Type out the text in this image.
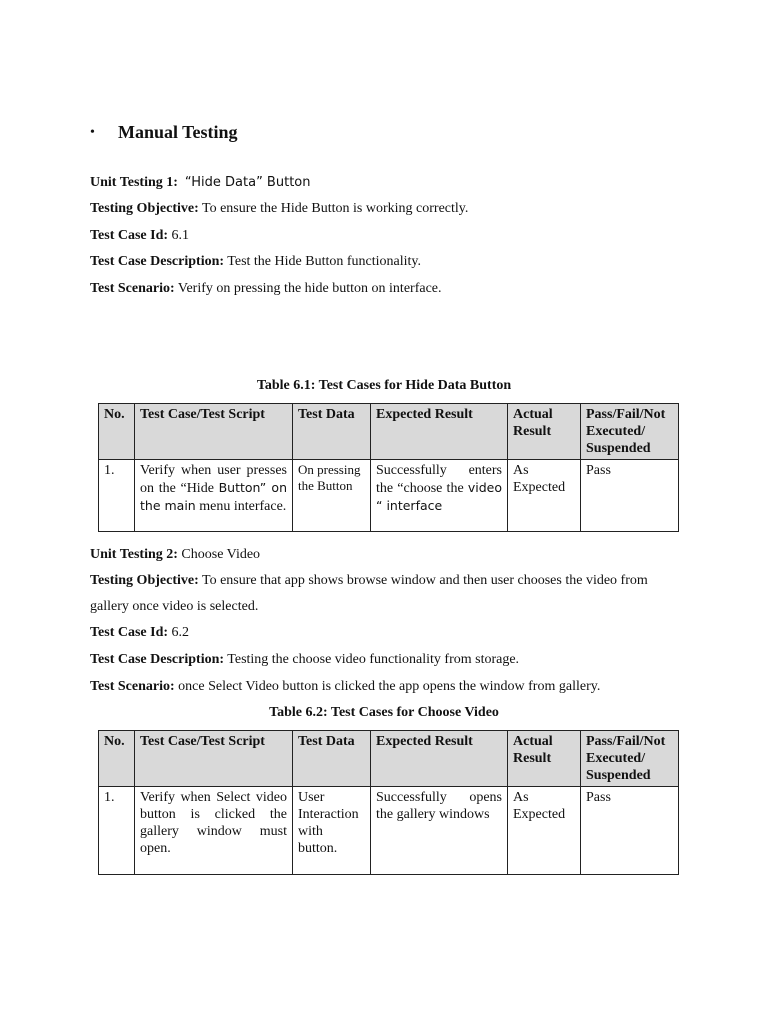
•	Manual Testing
Unit Testing 1: “Hide Data” Button
Testing Objective: To ensure the Hide Button is working correctly.
Test Case Id: 6.1
Test Case Description: Test the Hide Button functionality.
Test Scenario: Verify on pressing the hide button on interface.
Table 6.1: Test Cases for Hide Data Button
No.	Test Case/Test Script	Test Data	Expected Result	Actual Result	Pass/Fail/Not Executed/ Suspended
1.	Verify when user presses on the “Hide Button” on the main menu interface.	On pressing the Button	Successfully enters the “choose the video “ interface	As Expected	Pass
Unit Testing 2: Choose Video
Testing Objective: To ensure that app shows browse window and then user chooses the video from gallery once video is selected.
Test Case Id: 6.2
Test Case Description: Testing the choose video functionality from storage.
Test Scenario: once Select Video button is clicked the app opens the window from gallery.
Table 6.2: Test Cases for Choose Video
No.	Test Case/Test Script	Test Data	Expected Result	Actual Result	Pass/Fail/Not Executed/ Suspended
1.	Verify when Select video button is clicked the gallery window must open.	User Interaction with button.	Successfully opens the gallery windows	As Expected	Pass
